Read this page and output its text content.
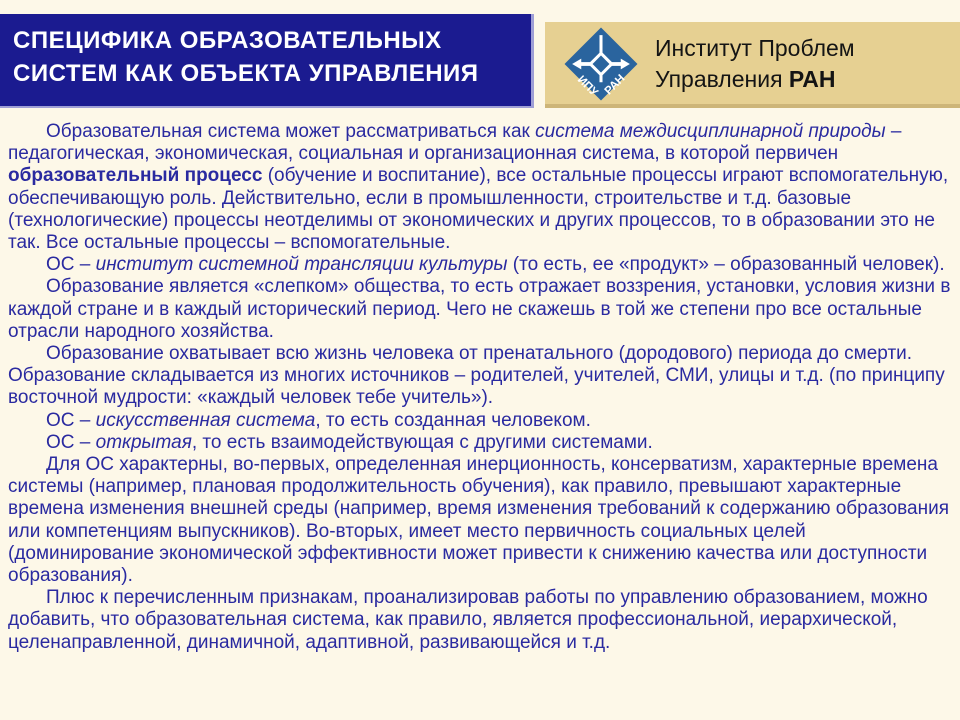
СПЕЦИФИКА ОБРАЗОВАТЕЛЬНЫХ
СИСТЕМ КАК ОБЪЕКТА УПРАВЛЕНИЯ	ИПУ РАН
Институт Проблем
Управления РАН

Образовательная система может рассматриваться как система междисциплинарной природы – педагогическая, экономическая, социальная и организационная система, в которой первичен образовательный процесс (обучение и воспитание), все остальные процессы играют вспомогательную, обеспечивающую роль. Действительно, если в промышленности, строительстве и т.д. базовые (технологические) процессы неотделимы от экономических и других процессов, то в образовании это не так. Все остальные процессы – вспомогательные.

ОС – институт системной трансляции культуры (то есть, ее «продукт» – образованный человек).

Образование является «слепком» общества, то есть отражает воззрения, установки, условия жизни в каждой стране и в каждый исторический период. Чего не скажешь в той же степени про все остальные отрасли народного хозяйства.

Образование охватывает всю жизнь человека от пренатального (дородового) периода до смерти. Образование складывается из многих источников – родителей, учителей, СМИ, улицы и т.д. (по принципу восточной мудрости: «каждый человек тебе учитель»).

ОС – искусственная система, то есть созданная человеком.

ОС – открытая, то есть взаимодействующая с другими системами.

Для ОС характерны, во-первых, определенная инерционность, консерватизм, характерные времена системы (например, плановая продолжительность обучения), как правило, превышают характерные времена изменения внешней среды (например, время изменения требований к содержанию образования или компетенциям выпускников). Во-вторых, имеет место первичность социальных целей (доминирование экономической эффективности может привести к снижению качества или доступности образования).

Плюс к перечисленным признакам, проанализировав работы по управлению образованием, можно добавить, что образовательная система, как правило, является профессиональной, иерархической, целенаправленной, динамичной, адаптивной, развивающейся и т.д.
